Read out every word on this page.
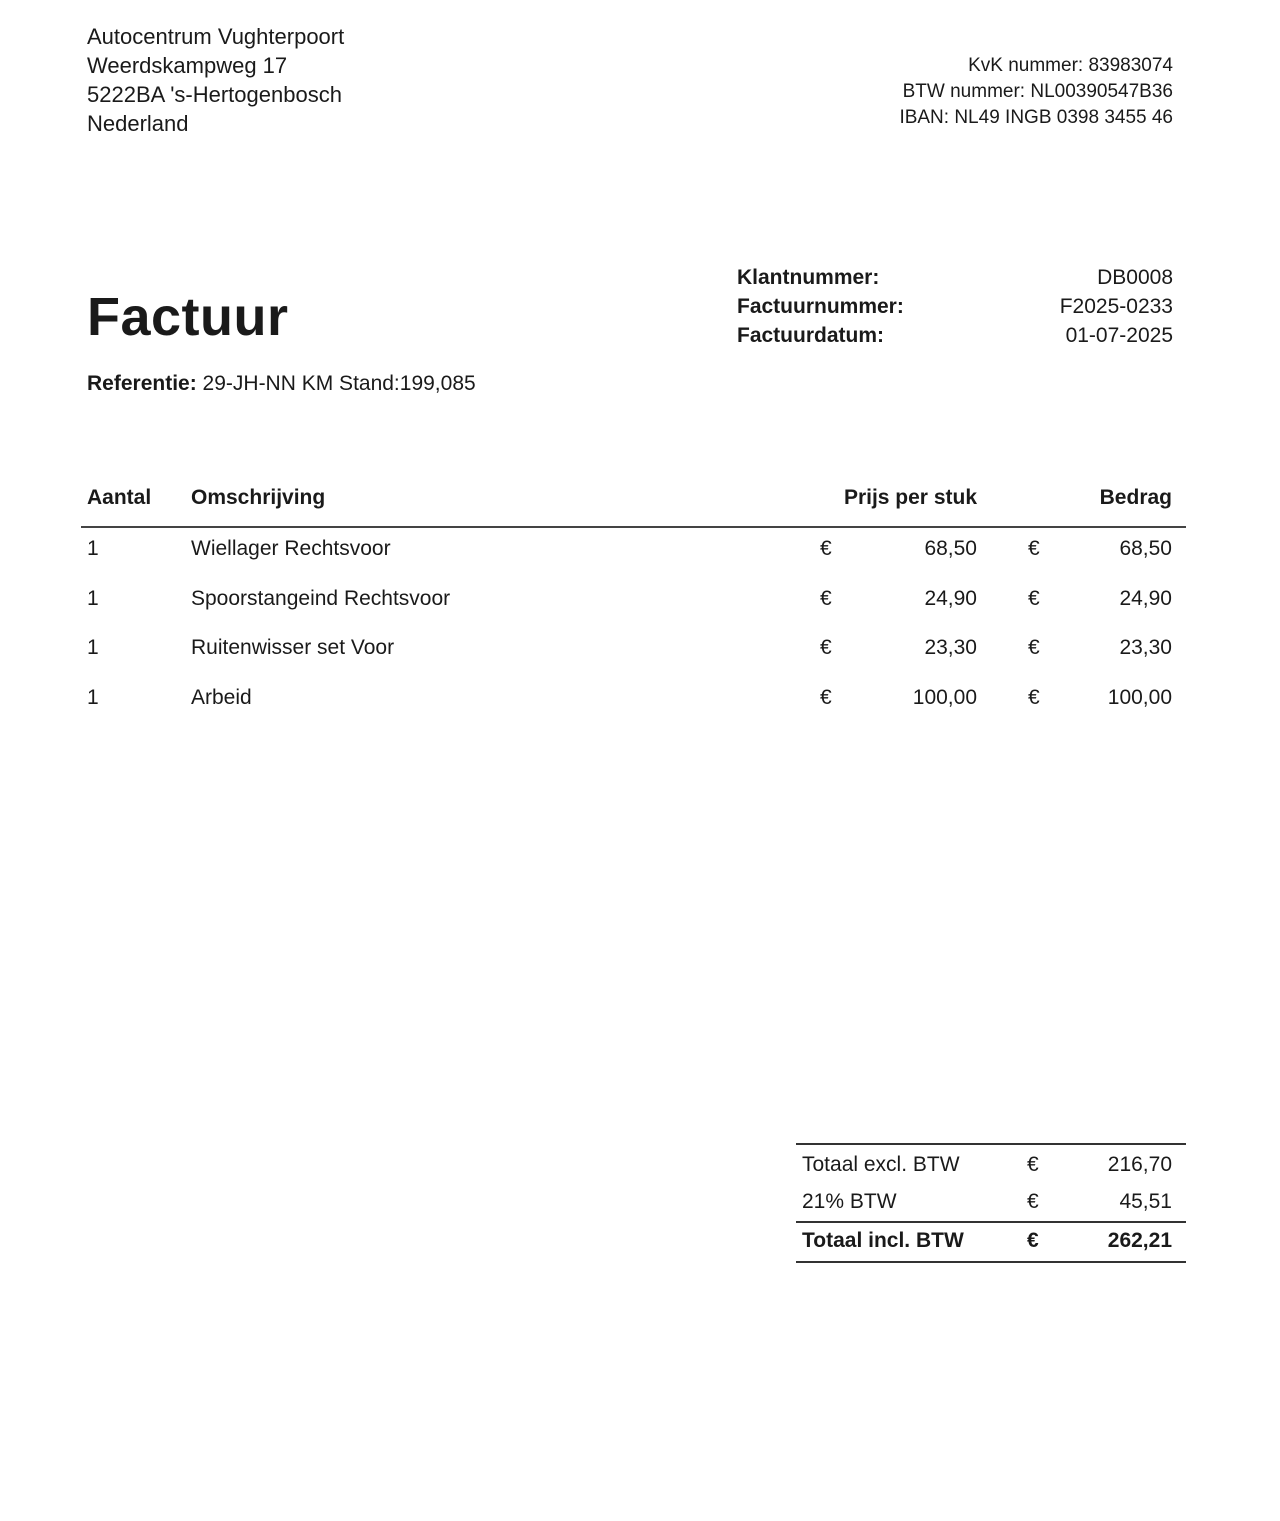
Autocentrum Vughterpoort
Weerdskampweg 17
5222BA 's-Hertogenbosch
Nederland
KvK nummer: 83983074
BTW nummer: NL00390547B36
IBAN: NL49 INGB 0398 3455 46
Factuur
Referentie: 29-JH-NN KM Stand:199,085
Klantnummer:	DB0008
Factuurnummer:	F2025-0233
Factuurdatum:	01-07-2025
Aantal Omschrijving	Prijs per stuk	Bedrag
1	Wiellager Rechtsvoor	€	68,50 €	68,50
1	Spoorstangeind Rechtsvoor	€	24,90 €	24,90
1	Ruitenwisser set Voor	€	23,30 €	23,30
1	Arbeid	€	100,00 €	100,00
Totaal excl. BTW	€	216,70
21% BTW	€	45,51
Totaal incl. BTW	€	262,21
